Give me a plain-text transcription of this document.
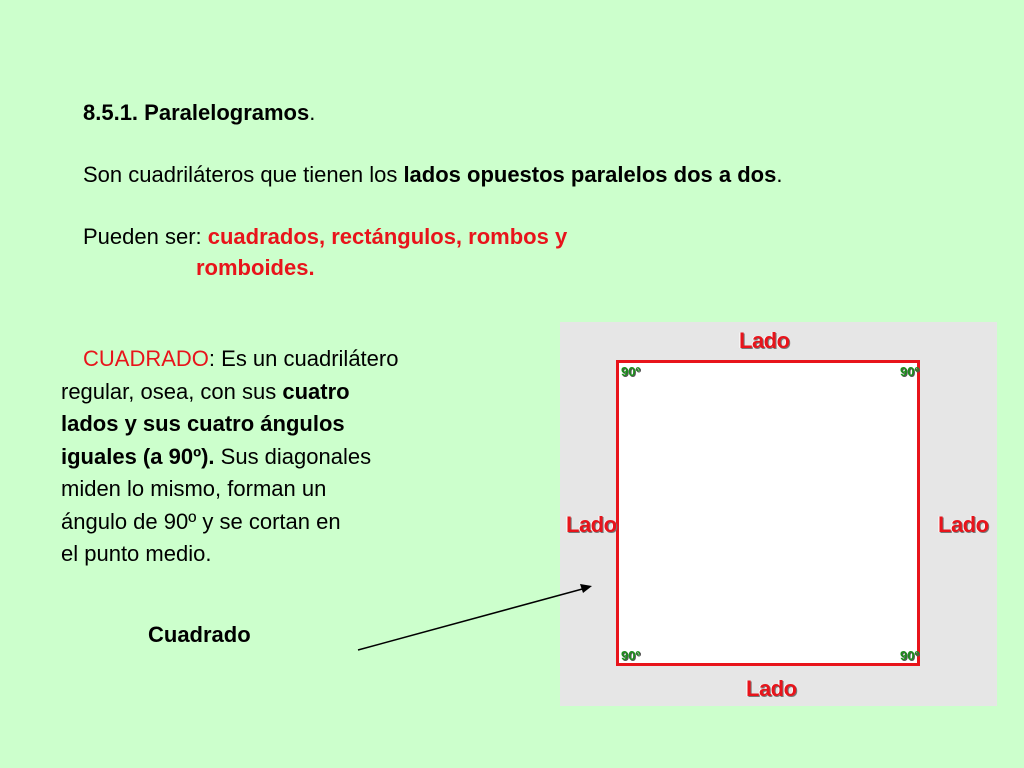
8.5.1. Paralelogramos.
Son cuadriláteros que tienen los lados opuestos paralelos dos a dos.
Pueden ser: cuadrados, rectángulos, rombos y
romboides.
CUADRADO: Es un cuadrilátero
regular, osea, con sus cuatro
lados y sus cuatro ángulos
iguales (a 90º). Sus diagonales
miden lo mismo, forman un
ángulo de 90º y se cortan en
el punto medio.
Cuadrado
Lado
Lado
Lado	Lado
90º	90º
90º	90º
